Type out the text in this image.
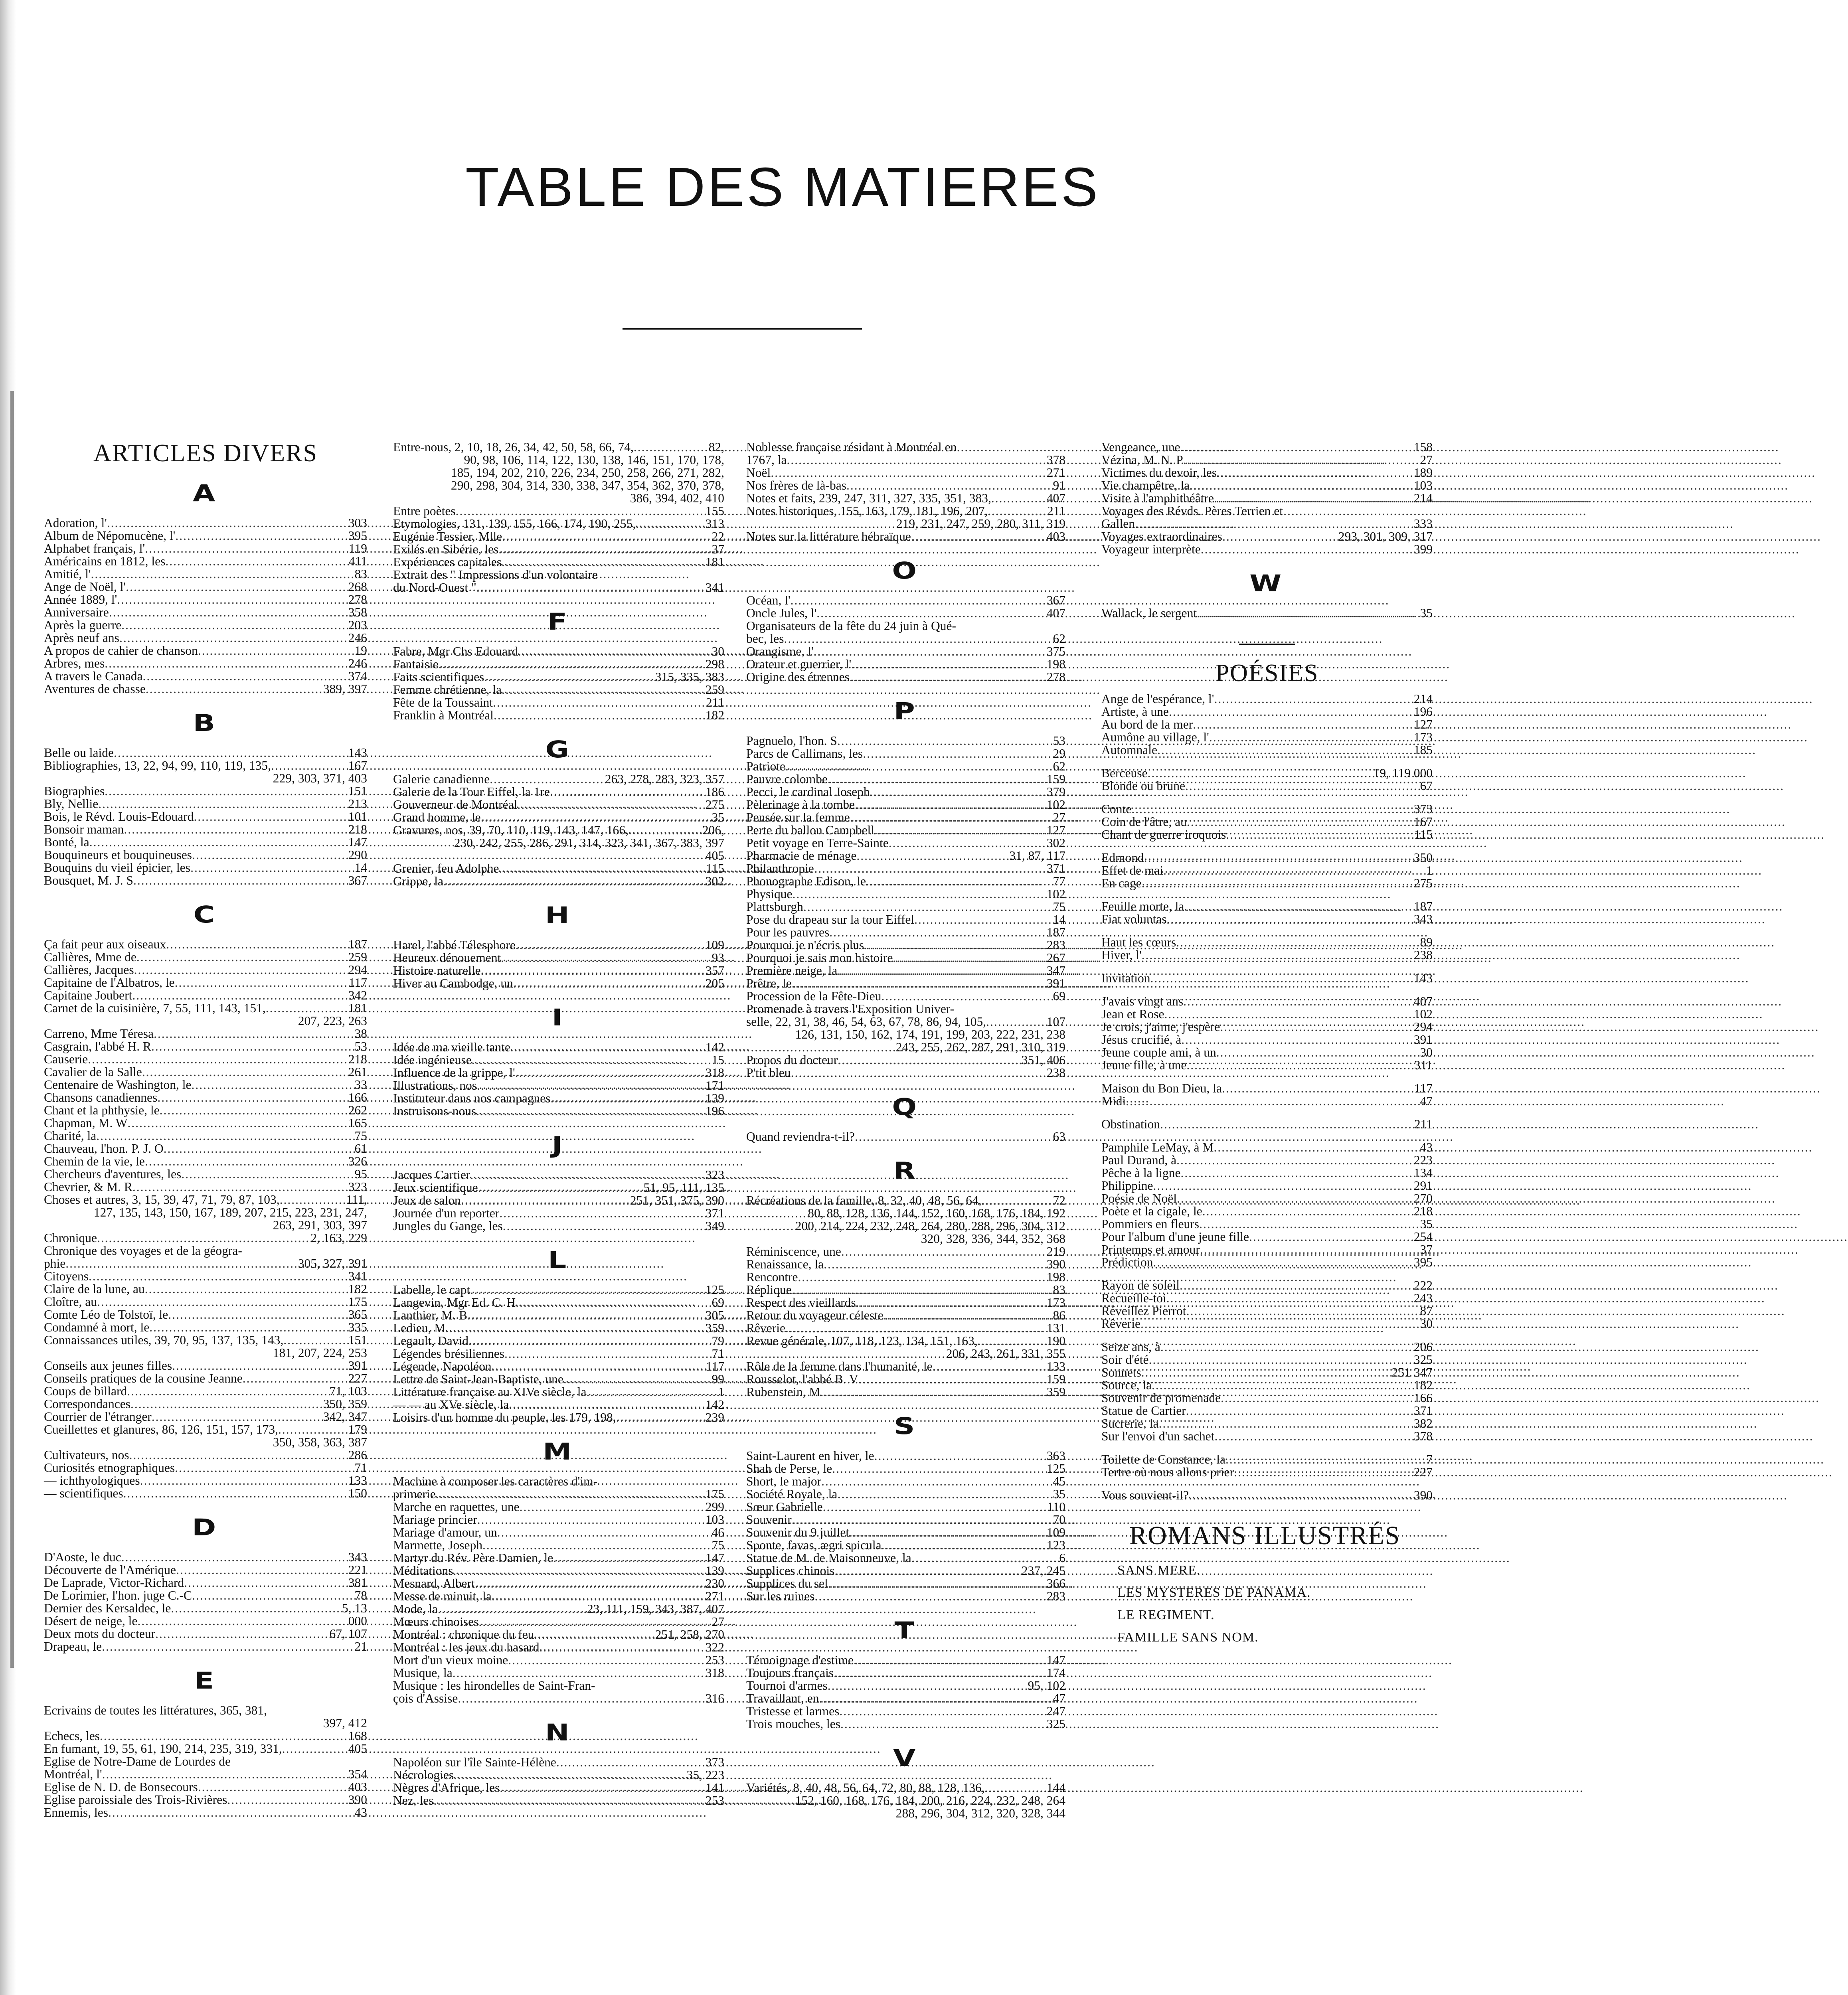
TABLE DES MATIERES
ARTICLES DIVERS
A
Adoration, l' .....	303
Album de Népomucène, l' .....	395
Alphabet français, l' .....	119
Américains en 1812, les .....	411
Amitié, l' .....	83
Ange de Noël, l' .....	268
Année 1889, l' .....	278
Anniversaire .....	358
Après la guerre .....	203
Après neuf ans .....	246
A propos de cahier de chanson .....	19
Arbres, mes .....	246
A travers le Canada .....	374
Aventures de chasse .....	389, 397
B
Belle ou laide .....	143
Bibliographies, 13, 22, 94, 99, 110, 119, 135, .....	167
229, 303, 371, 403
Biographies .....	151
Bly, Nellie .....	213
Bois, le Révd. Louis-Edouard .....	101
Bonsoir maman .....	218
Bonté, la .....	147
Bouquineurs et bouquineuses .....	290
Bouquins du vieil épicier, les .....	14
Bousquet, M. J. S .....	367
C
Ça fait peur aux oiseaux .....	187
Callières, Mme de .....	259
Callières, Jacques .....	294
Capitaine de l'Albatros, le .....	117
Capitaine Joubert .....	342
Carnet de la cuisinière, 7, 55, 111, 143, 151, .....	181
207, 223, 263
Carreno, Mme Téresa .....	38
Casgrain, l'abbé H. R .....	53
Causerie .....	218
Cavalier de la Salle .....	261
Centenaire de Washington, le .....	33
Chansons canadiennes .....	166
Chant et la phthysie, le .....	262
Chapman, M. W .....	165
Charité, la .....	75
Chauveau, l'hon. P. J. O .....	61
Chemin de la vie, le .....	326
Chercheurs d'aventures, les .....	95
Chevrier, & M. R .....	323
Choses et autres, 3, 15, 39, 47, 71, 79, 87, 103, .....	111,
127, 135, 143, 150, 167, 189, 207, 215, 223, 231, 247,
263, 291, 303, 397
Chronique .....	2, 163, 229
Chronique des voyages et de la géogra-
phie .....	305, 327, 391
Citoyens .....	341
Claire de la lune, au .....	182
Cloître, au .....	175
Comte Léo de Tolstoï, le .....	365
Condamné à mort, le .....	335
Connaissances utiles, 39, 70, 95, 137, 135, 143, .....	151
181, 207, 224, 253
Conseils aux jeunes filles .....	391
Conseils pratiques de la cousine Jeanne .....	227
Coups de billard .....	71, 103
Correspondances .....	350, 359
Courrier de l'étranger .....	342, 347
Cueillettes et glanures, 86, 126, 151, 157, 173, .....	179
350, 358, 363, 387
Cultivateurs, nos .....	286
Curiosités etnographiques .....	71
— ichthyologiques .....	133
— scientifiques .....	150
D
D'Aoste, le duc .....	343
Découverte de l'Amérique .....	221
De Laprade, Victor-Richard .....	381
De Lorimier, l'hon. juge C.-C .....	78
Dernier des Kersaldec, le .....	5, 13
Désert de neige, le .....	000
Deux mots du docteur .....	67, 107
Drapeau, le .....	21
E
Ecrivains de toutes les littératures, 365, 381,
397, 412
Echecs, les .....	168
En fumant, 19, 55, 61, 190, 214, 235, 319, 331, .....	405
Eglise de Notre-Dame de Lourdes de
Montréal, l' .....	354
Eglise de N. D. de Bonsecours .....	403
Eglise paroissiale des Trois-Rivières .....	390
Ennemis, les .....	43
Entre-nous, 2, 10, 18, 26, 34, 42, 50, 58, 66, 74, .....	82,
90, 98, 106, 114, 122, 130, 138, 146, 151, 170, 178,
185, 194, 202, 210, 226, 234, 250, 258, 266, 271, 282,
290, 298, 304, 314, 330, 338, 347, 354, 362, 370, 378,
386, 394, 402, 410
Entre poètes .....	155
Etymologies, 131, 139, 155, 166, 174, 190, 255, .....	313
Eugénie Tessier, Mlle .....	22
Exilés en Sibérie, les .....	37
Expériences capitales .....	181
Extrait des " Impressions d'un volontaire
du Nord-Ouest " .....	341
F
Fabre, Mgr Chs Edouard .....	30
Fantaisie .....	298
Faits scientifiques .....	315, 335, 383
Femme chrétienne, la .....	259
Fête de la Toussaint .....	211
Franklin à Montréal .....	182
G
Galerie canadienne .....	263, 278, 283, 323, 357
Galerie de la Tour Eiffel, la 1re .....	186
Gouverneur de Montréal .....	275
Grand homme, le .....	35
Gravures, nos, 39, 70, 110, 119, 143, 147, 166, .....	206,
230, 242, 255, 286, 291, 314, 323, 341, 367, 383, 397
405
Grenier, feu Adolphe .....	115
Grippe, la .....	302
H
Harel, l'abbé Télesphore .....	109
Heureux dénouement .....	93
Histoire naturelle .....	357
Hiver au Cambodge, un .....	205
I
Idée de ma vieille tante .....	142
Idée ingénieuse .....	15
Influence de la grippe, l' .....	318
Illustrations, nos .....	171
Instituteur dans nos campagnes .....	139
Instruisons-nous .....	196
J
Jacques Cartier .....	323
Jeux scientifique .....	51, 95, 111, 135
Jeux de salon .....	251, 351, 375, 390
Journée d'un reporter .....	371
Jungles du Gange, les .....	349
L
Labelle, le capt .....	125
Langevin, Mgr Ed. C. H .....	69
Lanthier, M. B .....	305
Ledieu, M .....	359
Legault, David .....	79
Légendes brésiliennes .....	71
Légende, Napoléon .....	117
Lettre de Saint-Jean-Baptiste, une .....	99
Littérature française au XIVe siècle, la .....	1
— — au XVe siècle, la .....	142
Loisirs d'un homme du peuple, les 179, 198, .....	239
M
Machine à composer les caractères d'im-
primerie .....	175
Marche en raquettes, une .....	299
Mariage princier .....	103
Mariage d'amour, un .....	46
Marmette, Joseph .....	75
Martyr du Rév. Père Damien, le .....	147
Méditations .....	139
Mesnard, Albert .....	230
Messe de minuit, la .....	271
Mode, la .....	23, 111, 159, 343, 387, 407
Mœurs chinoises .....	27
Montréal : chronique du feu .....	251, 258, 270
Montréal : les jeux du hasard .....	322
Mort d'un vieux moine .....	253
Musique, la .....	318
Musique : les hirondelles de Saint-Fran-
çois d'Assise .....	316
N
Napoléon sur l'île Sainte-Hélène .....	373
Nécrologies .....	35, 223
Nègres d'Afrique, les .....	141
Nez, les .....	253
Noblesse française résidant à Montréal en
1767, la .....	378
Noël .....	271
Nos frères de là-bas .....	91
Notes et faits, 239, 247, 311, 327, 335, 351, 383, .....	407
Notes historiques, 155, 163, 179, 181, 196, 207, .....	211
219, 231, 247, 259, 280, 311, 319
Notes sur la littérature hébraïque .....	403
O
Océan, l' .....	367
Oncle Jules, l' .....	407
Organisateurs de la fête du 24 juin à Qué-
bec, les .....	62
Orangisme, l' .....	375
Orateur et guerrier, l' .....	198
Origine des étrennes .....	278
P
Pagnuelo, l'hon. S .....	53
Parcs de Callimans, les .....	29
Patriote .....	62
Pauvre colombe .....	159
Pecci, le cardinal Joseph .....	379
Pèlerinage à la tombe .....	102
Pensée sur la femme .....	27
Perte du ballon Campbell .....	127
Petit voyage en Terre-Sainte .....	302
Pharmacie de ménage .....	31, 87, 117
Philanthropie .....	371
Phonographe Edison, le .....	77
Physique .....	102
Plattsburgh .....	75
Pose du drapeau sur la tour Eiffel .....	14
Pour les pauvres .....	187
Pourquoi je n'écris plus .....	283
Pourquoi je sais mon histoire .....	267
Première neige, la .....	347
Prêtre, le .....	391
Procession de la Fête-Dieu .....	69
Promenade à travers l'Exposition Univer-
selle, 22, 31, 38, 46, 54, 63, 67, 78, 86, 94, 105, .....	107
126, 131, 150, 162, 174, 191, 199, 203, 222, 231, 238
243, 255, 262, 287, 291, 310, 319
Propos du docteur .....	351, 406
P'tit bleu .....	238
Q
Quand reviendra-t-il? .....	63
R
Récréations de la famille, 8, 32, 40, 48, 56, 64, .....	72
80, 88, 128, 136, 144, 152, 160, 168, 176, 184, 192
200, 214, 224, 232, 248, 264, 280, 288, 296, 304, 312
320, 328, 336, 344, 352, 368
Réminiscence, une .....	219
Renaissance, la .....	390
Rencontre .....	198
Réplique .....	83
Respect des vieillards .....	173
Retour du voyageur céleste .....	86
Rêverie .....	131
Revue générale, 107, 118, 123, 134, 151, 163, .....	190
206, 243, 261, 331, 355
Rôle de la femme dans l'humanité, le .....	133
Rousselot, l'abbé B. V .....	159
Rubenstein, M .....	359
S
Saint-Laurent en hiver, le .....	363
Shah de Perse, le .....	125
Short, le major .....	45
Société Royale, la .....	35
Sœur Gabrielle .....	110
Souvenir .....	70
Souvenir du 9 juillet .....	109
Sponte, favas, ægri spicula .....	123
Statue de M. de Maisonneuve, la .....	6
Supplices chinois .....	237, 245
Supplices du sel .....	366
Sur les ruines .....	283
T
Témoignage d'estime .....	147
Toujours français .....	174
Tournoi d'armes .....	95, 102
Travaillant, en .....	47
Tristesse et larmes .....	247
Trois mouches, les .....	325
V
Variétés, 8, 40, 48, 56, 64, 72, 80, 88, 128, 136, .....	144
152, 160, 168, 176, 184, 200, 216, 224, 232, 248, 264
288, 296, 304, 312, 320, 328, 344
Vengeance, une .....	158
Vézina, M. N. P .....	27
Victimes du devoir, les .....	189
Vie champêtre, la .....	103
Visite à l'amphithéâtre .....	214
Voyages des Révds. Pères Terrien et
Gallen .....	333
Voyages extraordinaires .....	293, 301, 309, 317
Voyageur interprète .....	399
W
Wallack, le sergent .....	35
POÉSIES
Ange de l'espérance, l' .....	214
Artiste, à une .....	196
Au bord de la mer .....	127
Aumône au village, l' .....	173
Automnale .....	185
Berceuse .....	19, 119 000
Blonde ou brune .....	67
Conte .....	373
Coin de l'âtre, au .....	167
Chant de guerre iroquois .....	115
Edmond .....	350
Effet de mai .....	1
En cage .....	275
Feuille morte, la .....	187
Fiat voluntas .....	343
Haut les cœurs .....	89
Hiver, l' .....	238
Invitation .....	143
J'avais vingt ans .....	407
Jean et Rose .....	102
Je crois, j'aime, j'espère .....	294
Jésus crucifié, à .....	391
Jeune couple ami, à un .....	30
Jeune fille, à une .....	311
Maison du Bon Dieu, la .....	117
Midi .....	47
Obstination .....	211
Pamphile LeMay, à M .....	43
Paul Durand, à .....	223
Pêche à la ligne .....	134
Philippine .....	291
Poésie de Noël .....	270
Poète et la cigale, le .....	218
Pommiers en fleurs .....	35
Pour l'album d'une jeune fille .....	254
Printemps et amour .....	37
Prédiction .....	395
Rayon de soleil .....	222
Recueille-toi .....	243
Réveillez Pierrot .....	87
Rêverie .....	30
Seize ans, à .....	206
Soir d'été .....	325
Sonnets .....	251 347
Source, la .....	182
Souvenir de promenade .....	166
Statue de Cartier .....	371
Sucrerie, la .....	382
Sur l'envoi d'un sachet .....	378
Toilette de Constance, la .....	7
Tertre où nous allons prier .....	227
Vous souvient-il? .....	390
ROMANS ILLUSTRÉS
SANS MERE.
LES MYSTERES DE PANAMA.
LE REGIMENT.
FAMILLE SANS NOM.
